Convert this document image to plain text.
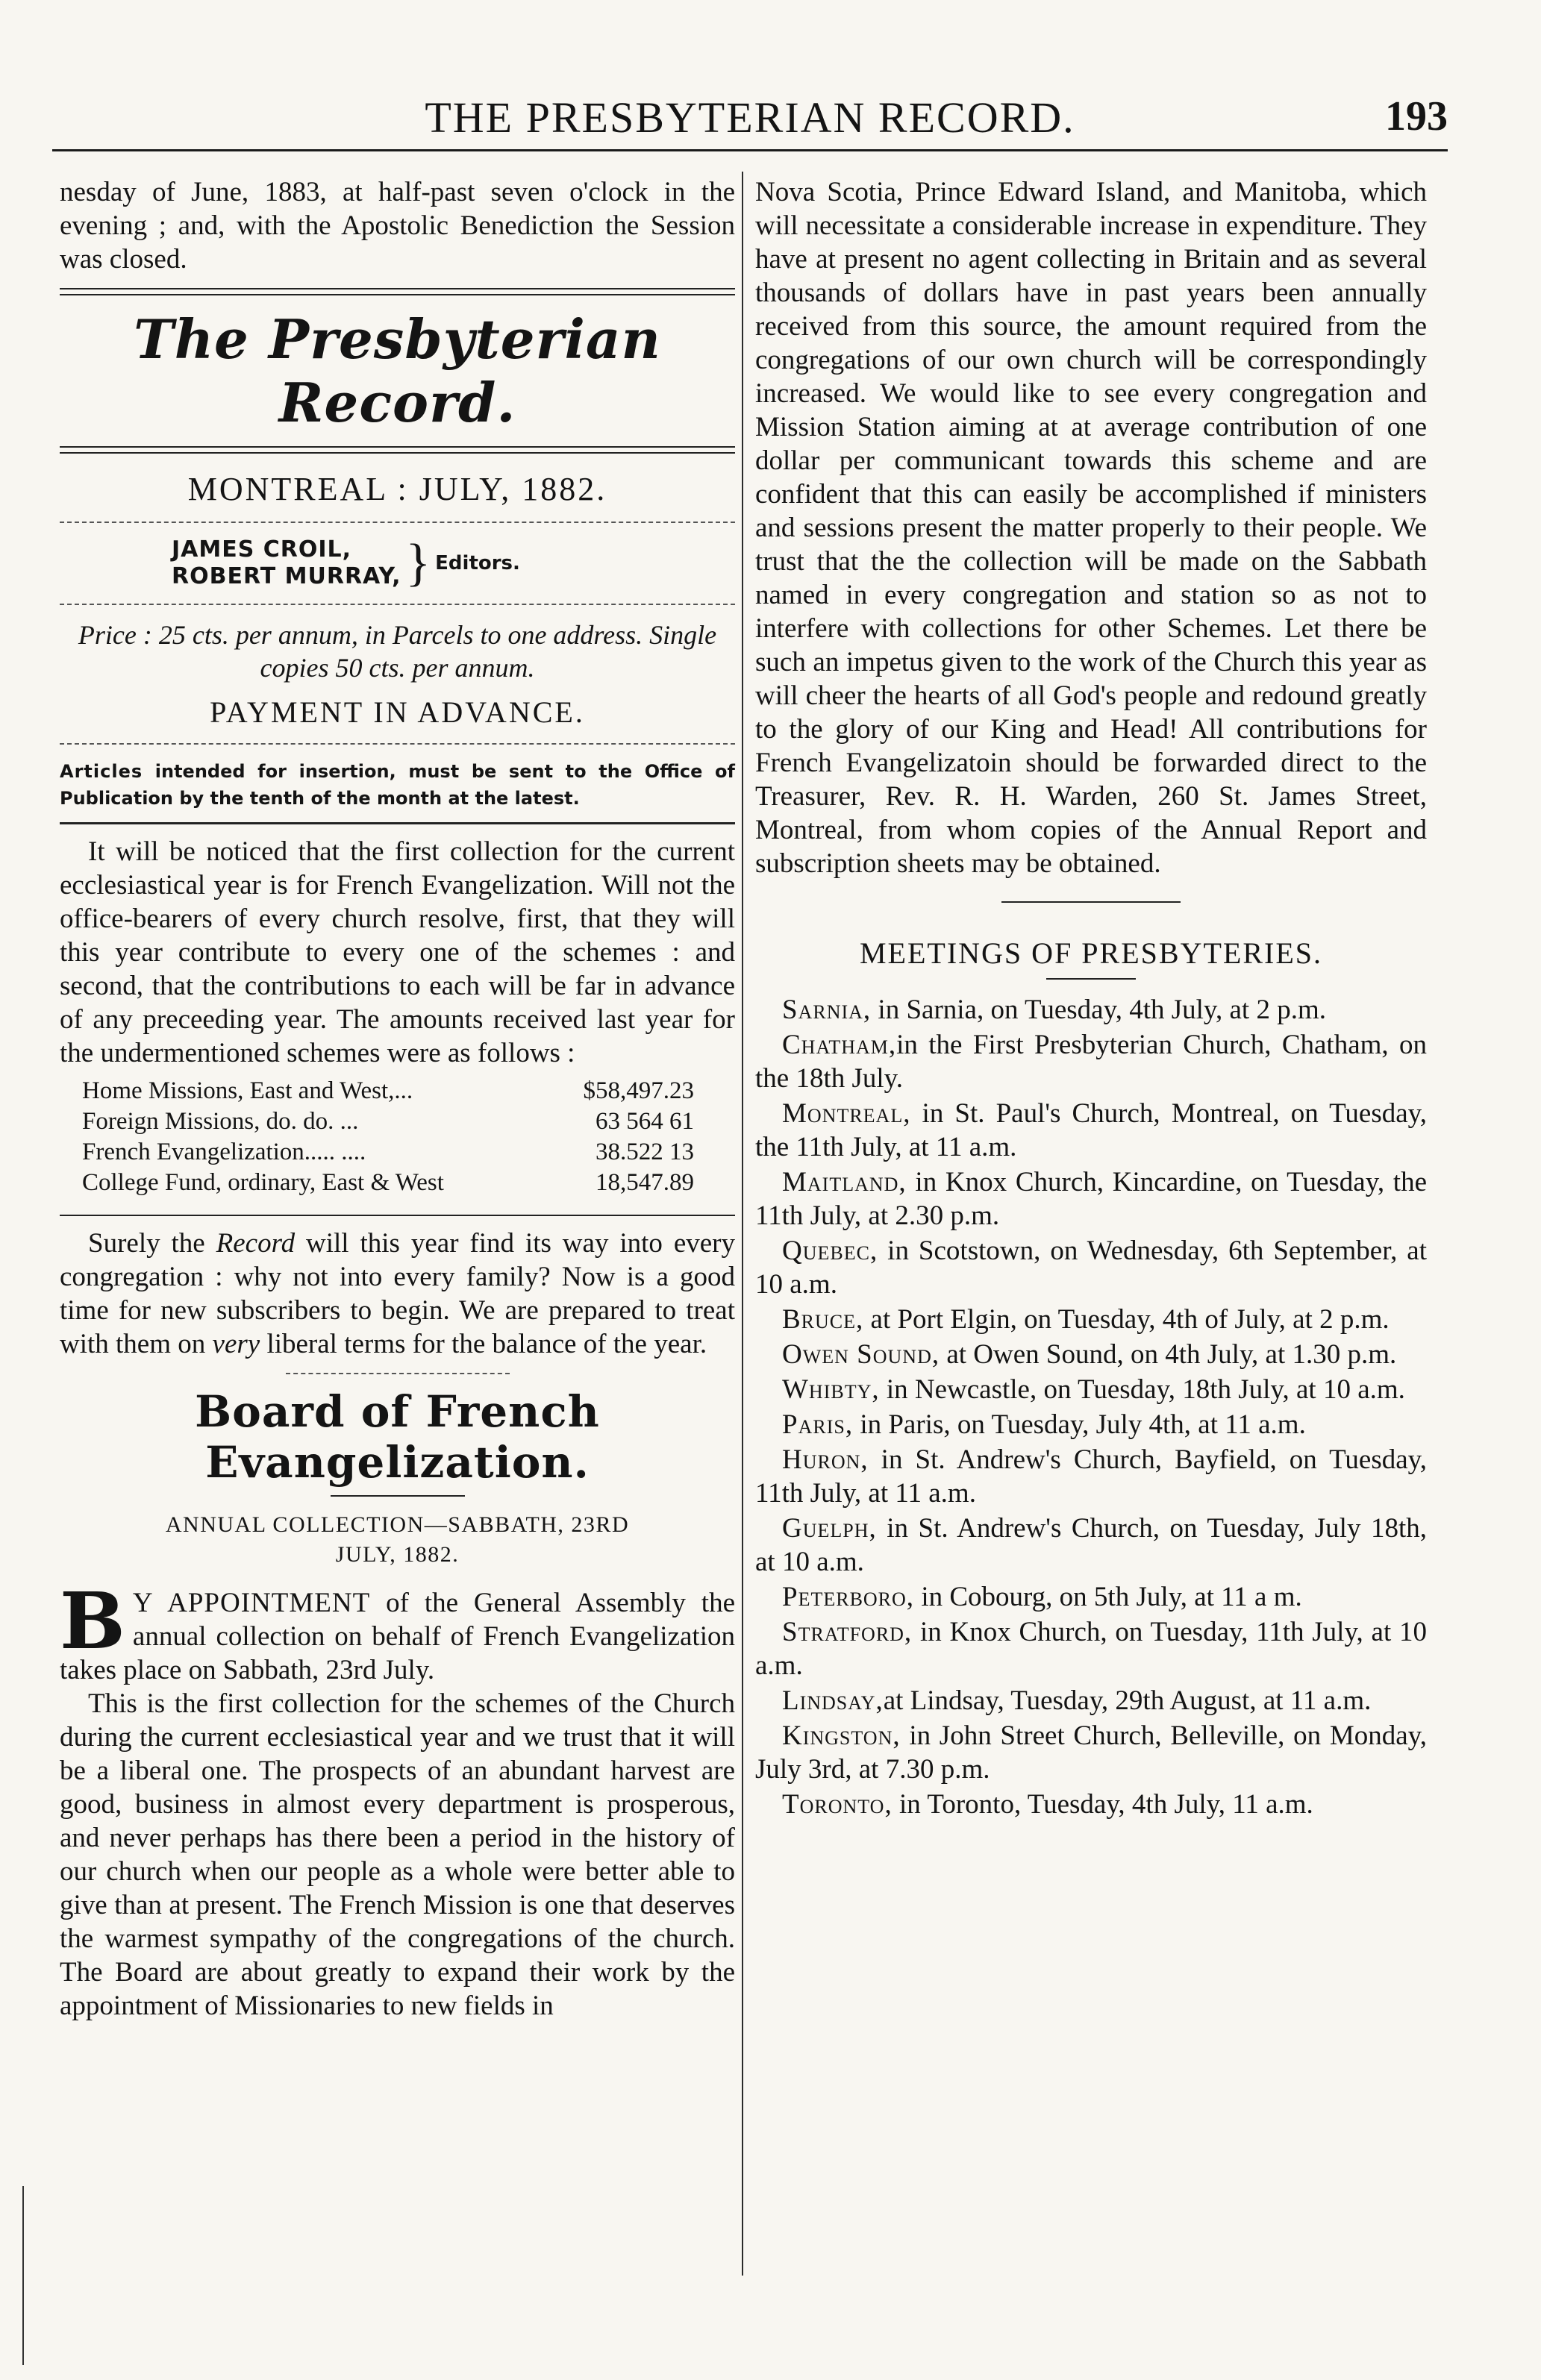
THE PRESBYTERIAN RECORD.	193

nesday of June, 1883, at half-past seven o'clock in the evening ; and, with the Apostolic Benediction the Session was closed.

The Presbyterian Record.
MONTREAL : JULY, 1882.
JAMES CROIL,
ROBERT MURRAY, } Editors.

Price : 25 cts. per annum, in Parcels to one address. Single copies 50 cts. per annum.

PAYMENT IN ADVANCE.

Articles intended for insertion, must be sent to the Office of Publication by the tenth of the month at the latest.

It will be noticed that the first collection for the current ecclesiastical year is for French Evangelization. Will not the office-bearers of every church resolve, first, that they will this year contribute to every one of the schemes : and second, that the contributions to each will be far in advance of any preceeding year. The amounts received last year for the undermentioned schemes were as follows :

Home Missions, East and West,...	$58,497.23
Foreign Missions, do. do. ...	63 564 61
French Evangelization..... ....	38.522 13
College Fund, ordinary, East & West	18,547.89

Surely the Record will this year find its way into every congregation : why not into every family? Now is a good time for new subscribers to begin. We are prepared to treat with them on very liberal terms for the balance of the year.

Board of French Evangelization.
ANNUAL COLLECTION—SABBATH, 23RD
JULY, 1882.

B Y APPOINTMENT of the General Assembly the annual collection on behalf of French Evangelization takes place on Sabbath, 23rd July.

This is the first collection for the schemes of the Church during the current ecclesiastical year and we trust that it will be a liberal one. The prospects of an abundant harvest are good, business in almost every department is prosperous, and never perhaps has there been a period in the history of our church when our people as a whole were better able to give than at present. The French Mission is one that deserves the warmest sympathy of the congregations of the church. The Board are about greatly to expand their work by the appointment of Missionaries to new fields in

Nova Scotia, Prince Edward Island, and Manitoba, which will necessitate a considerable increase in expenditure. They have at present no agent collecting in Britain and as several thousands of dollars have in past years been annually received from this source, the amount required from the congregations of our own church will be correspondingly increased. We would like to see every congregation and Mission Station aiming at at average contribution of one dollar per communicant towards this scheme and are confident that this can easily be accomplished if ministers and sessions present the matter properly to their people. We trust that the the collection will be made on the Sabbath named in every congregation and station so as not to interfere with collections for other Schemes. Let there be such an impetus given to the work of the Church this year as will cheer the hearts of all God's people and redound greatly to the glory of our King and Head! All contributions for French Evangelizatoin should be forwarded direct to the Treasurer, Rev. R. H. Warden, 260 St. James Street, Montreal, from whom copies of the Annual Report and subscription sheets may be obtained.

MEETINGS OF PRESBYTERIES.

Sarnia, in Sarnia, on Tuesday, 4th July, at 2 p.m.

Chatham,in the First Presbyterian Church, Chatham, on the 18th July.

Montreal, in St. Paul's Church, Montreal, on Tuesday, the 11th July, at 11 a.m.

Maitland, in Knox Church, Kincardine, on Tuesday, the 11th July, at 2.30 p.m.

Quebec, in Scotstown, on Wednesday, 6th September, at 10 a.m.

Bruce, at Port Elgin, on Tuesday, 4th of July, at 2 p.m.

Owen Sound, at Owen Sound, on 4th July, at 1.30 p.m.

Whibty, in Newcastle, on Tuesday, 18th July, at 10 a.m.

Paris, in Paris, on Tuesday, July 4th, at 11 a.m.

Huron, in St. Andrew's Church, Bayfield, on Tuesday, 11th July, at 11 a.m.

Guelph, in St. Andrew's Church, on Tuesday, July 18th, at 10 a.m.

Peterboro, in Cobourg, on 5th July, at 11 a m.

Stratford, in Knox Church, on Tuesday, 11th July, at 10 a.m.

Lindsay,at Lindsay, Tuesday, 29th August, at 11 a.m.

Kingston, in John Street Church, Belleville, on Monday, July 3rd, at 7.30 p.m.

Toronto, in Toronto, Tuesday, 4th July, 11 a.m.
